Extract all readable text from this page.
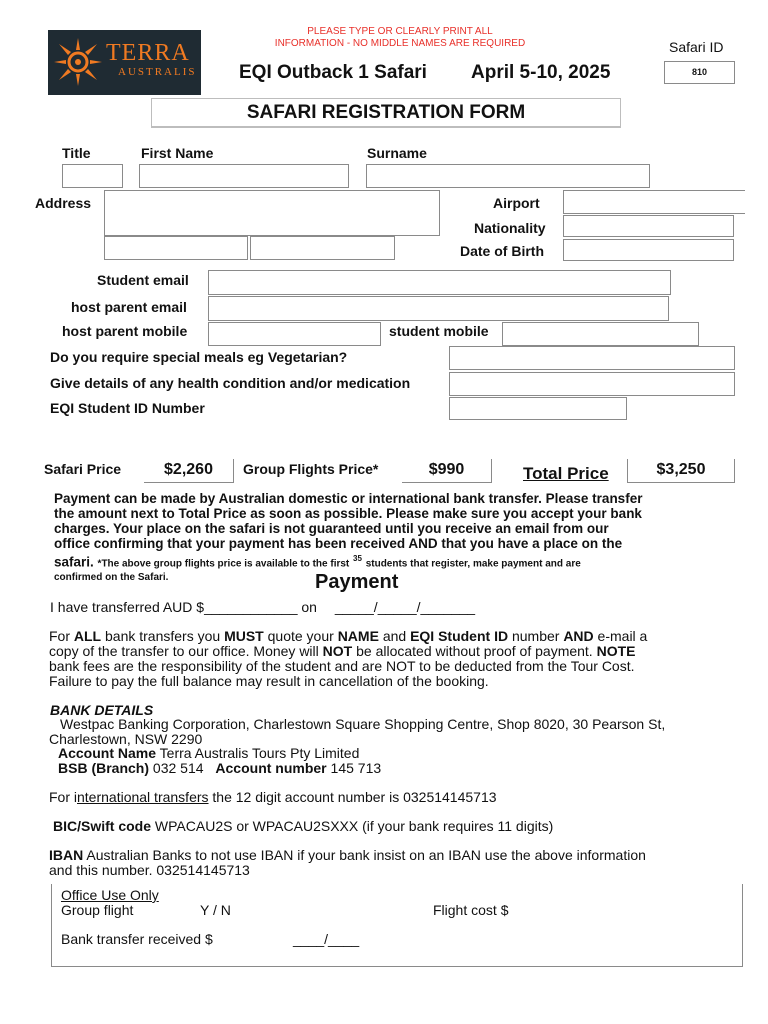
PLEASE TYPE OR CLEARLY PRINT ALL
INFORMATION - NO MIDDLE NAMES ARE REQUIRED
TERRA
AUSTRALIS EQI Outback 1 Safari April 5-10, 2025
Safari ID
810
SAFARI REGISTRATION FORM
Title	First Name	Surname
Address	Airport
Nationality
Date of Birth
Student email
host parent email
host parent mobile	student mobile
Do you require special meals eg Vegetarian?
Give details of any health condition and/or medication
EQI Student ID Number
Safari Price	$2,260	Group Flights Price*	$990	Total Price	$3,250
Payment can be made by Australian domestic or international bank transfer. Please transfer
the amount next to Total Price as soon as possible. Please make sure you accept your bank
charges. Your place on the safari is not guaranteed until you receive an email from our
office confirming that your payment has been received AND that you have a place on the
safari. *The above group flights price is available to the first $^{35}$ students that register, make payment and are
confirmed on the Safari.	Payment
I have transferred AUD $____________ on _____/_____/_______
For ALL bank transfers you MUST quote your NAME and EQI Student ID number AND e-mail a
copy of the transfer to our office. Money will NOT be allocated without proof of payment. NOTE
bank fees are the responsibility of the student and are NOT to be deducted from the Tour Cost.
Failure to pay the full balance may result in cancellation of the booking.
BANK DETAILS
Westpac Banking Corporation, Charlestown Square Shopping Centre, Shop 8020, 30 Pearson St,
Charlestown, NSW 2290
Account Name Terra Australis Tours Pty Limited
BSB (Branch) 032 514 Account number 145 713
For international transfers the 12 digit account number is 032514145713
BIC/Swift code WPACAU2S or WPACAU2SXXX (if your bank requires 11 digits)
IBAN Australian Banks to not use IBAN if your bank insist on an IBAN use the above information
and this number. 032514145713
Office Use Only
Group flight	Y / N	Flight cost $
Bank transfer received $	____/____
